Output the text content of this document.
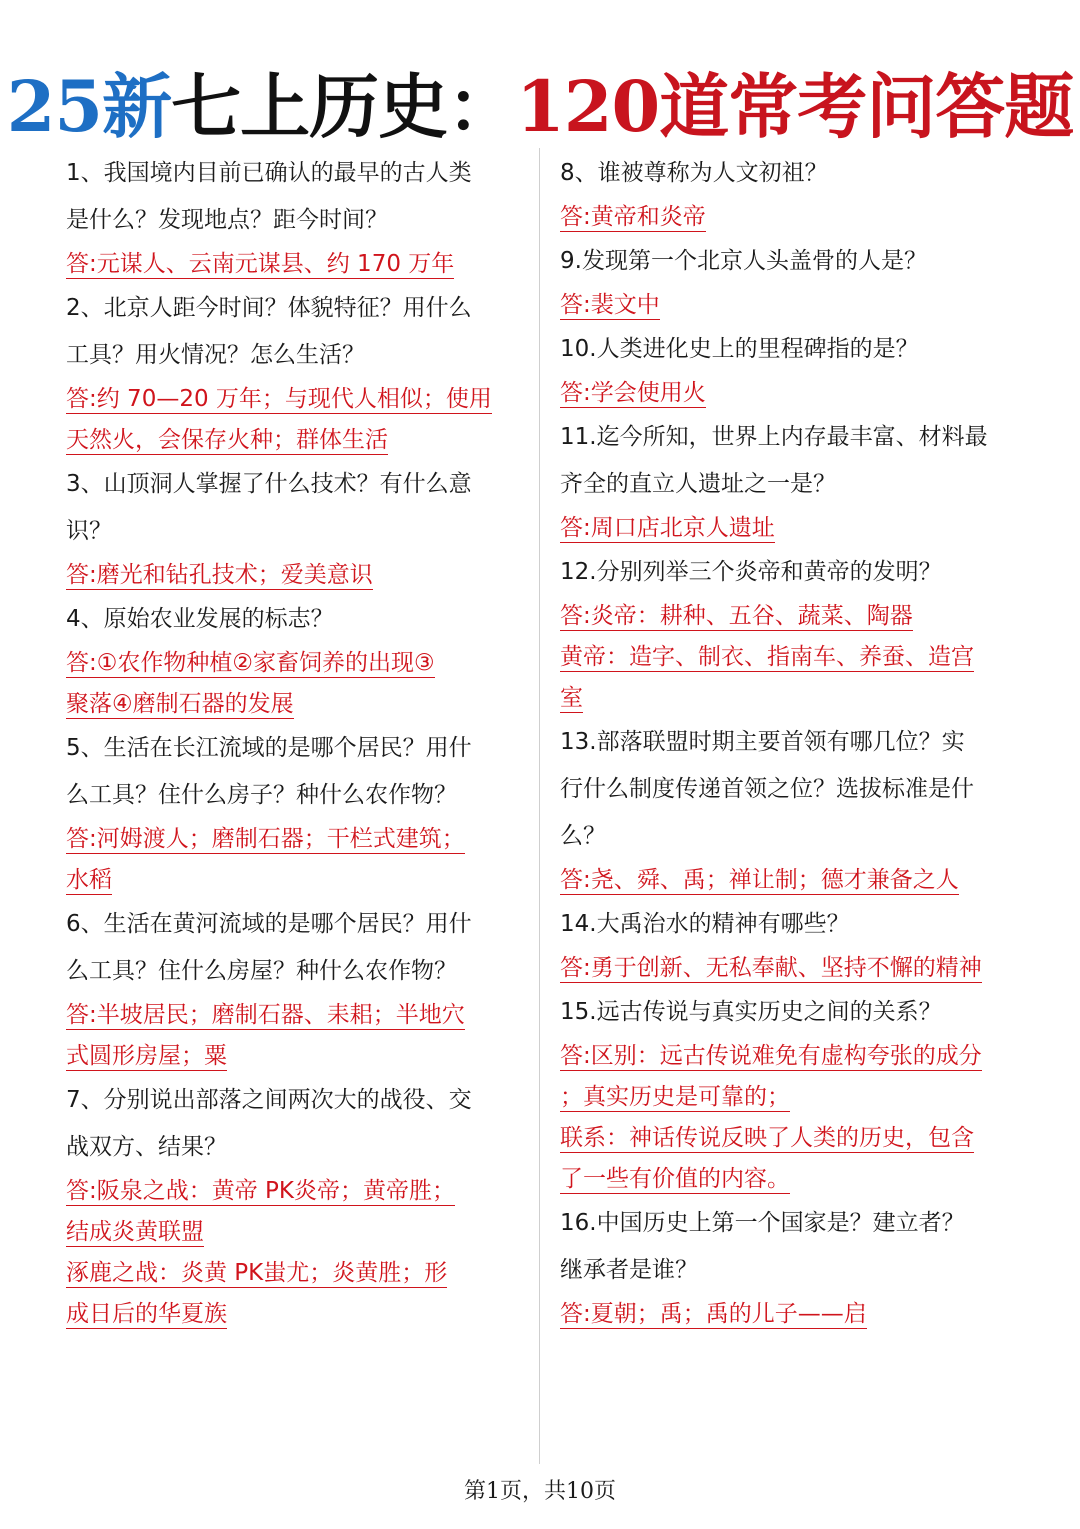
25新七上历史：120道常考问答题
1、我国境内目前已确认的最早的古人类
是什么？发现地点？距今时间？
答:元谋人、云南元谋县、约 170 万年
2、北京人距今时间？体貌特征？用什么
工具？用火情况？怎么生活？
答:约 70—20 万年；与现代人相似；使用
天然火，会保存火种；群体生活
3、山顶洞人掌握了什么技术？有什么意
识？
答:磨光和钻孔技术；爱美意识
4、原始农业发展的标志？
答:①农作物种植②家畜饲养的出现③
聚落④磨制石器的发展
5、生活在长江流域的是哪个居民？用什
么工具？住什么房子？种什么农作物？
答:河姆渡人；磨制石器；干栏式建筑；
水稻
6、生活在黄河流域的是哪个居民？用什
么工具？住什么房屋？种什么农作物？
答:半坡居民；磨制石器、耒耜；半地穴
式圆形房屋；粟
7、分别说出部落之间两次大的战役、交
战双方、结果？
答:阪泉之战：黄帝 PK炎帝；黄帝胜；
结成炎黄联盟
涿鹿之战：炎黄 PK蚩尤；炎黄胜；形
成日后的华夏族
8、谁被尊称为人文初祖？
答:黄帝和炎帝
9.发现第一个北京人头盖骨的人是？
答:裴文中
10.人类进化史上的里程碑指的是？
答:学会使用火
11.迄今所知，世界上内存最丰富、材料最
齐全的直立人遗址之一是？
答:周口店北京人遗址
12.分别列举三个炎帝和黄帝的发明？
答:炎帝：耕种、五谷、蔬菜、陶器
黄帝：造字、制衣、指南车、养蚕、造宫
室
13.部落联盟时期主要首领有哪几位？实
行什么制度传递首领之位？选拔标准是什
么？
答:尧、舜、禹；禅让制；德才兼备之人
14.大禹治水的精神有哪些？
答:勇于创新、无私奉献、坚持不懈的精神
15.远古传说与真实历史之间的关系？
答:区别：远古传说难免有虚构夸张的成分
；真实历史是可靠的；
联系：神话传说反映了人类的历史，包含
了一些有价值的内容。
16.中国历史上第一个国家是？建立者？
继承者是谁？
答:夏朝；禹；禹的儿子——启
第1页，共10页
